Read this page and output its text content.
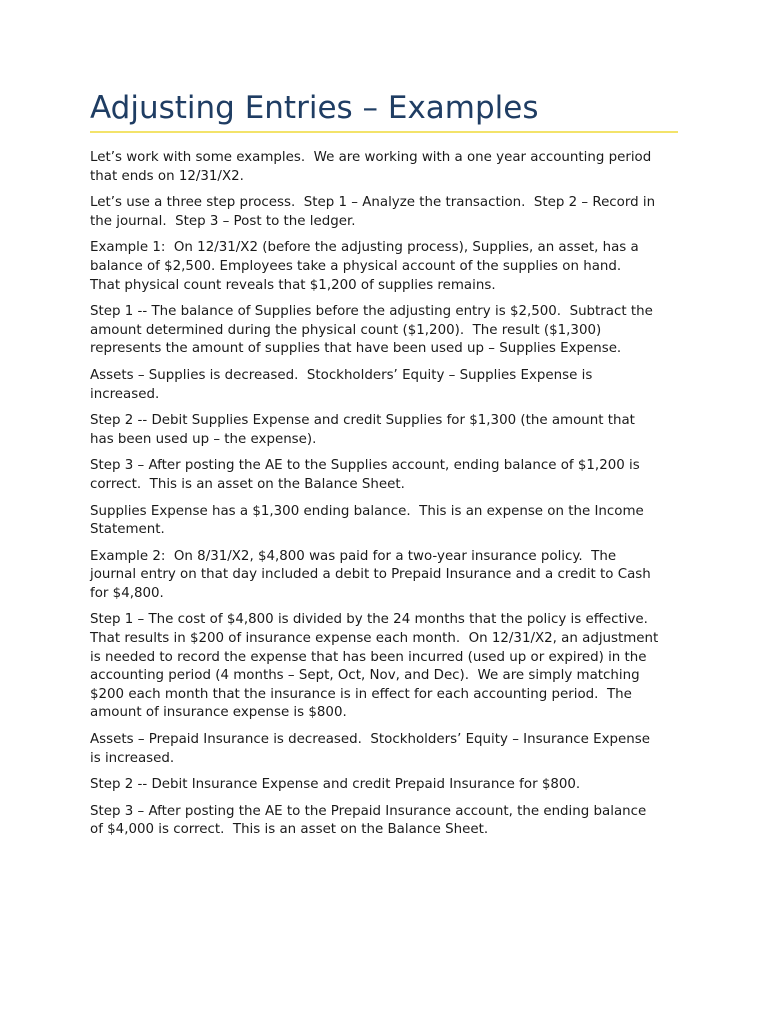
Adjusting Entries – Examples

Let’s work with some examples.  We are working with a one year accounting period
that ends on 12/31/X2.

Let’s use a three step process.  Step 1 – Analyze the transaction.  Step 2 – Record in
the journal.  Step 3 – Post to the ledger.

Example 1:  On 12/31/X2 (before the adjusting process), Supplies, an asset, has a
balance of $2,500. Employees take a physical account of the supplies on hand.
That physical count reveals that $1,200 of supplies remains.

Step 1 -- The balance of Supplies before the adjusting entry is $2,500.  Subtract the
amount determined during the physical count ($1,200).  The result ($1,300)
represents the amount of supplies that have been used up – Supplies Expense.

Assets – Supplies is decreased.  Stockholders’ Equity – Supplies Expense is
increased.

Step 2 -- Debit Supplies Expense and credit Supplies for $1,300 (the amount that
has been used up – the expense).

Step 3 – After posting the AE to the Supplies account, ending balance of $1,200 is
correct.  This is an asset on the Balance Sheet.

Supplies Expense has a $1,300 ending balance.  This is an expense on the Income
Statement.

Example 2:  On 8/31/X2, $4,800 was paid for a two-year insurance policy.  The
journal entry on that day included a debit to Prepaid Insurance and a credit to Cash
for $4,800.

Step 1 – The cost of $4,800 is divided by the 24 months that the policy is effective.
That results in $200 of insurance expense each month.  On 12/31/X2, an adjustment
is needed to record the expense that has been incurred (used up or expired) in the
accounting period (4 months – Sept, Oct, Nov, and Dec).  We are simply matching
$200 each month that the insurance is in effect for each accounting period.  The
amount of insurance expense is $800.

Assets – Prepaid Insurance is decreased.  Stockholders’ Equity – Insurance Expense
is increased.

Step 2 -- Debit Insurance Expense and credit Prepaid Insurance for $800.

Step 3 – After posting the AE to the Prepaid Insurance account, the ending balance
of $4,000 is correct.  This is an asset on the Balance Sheet.
